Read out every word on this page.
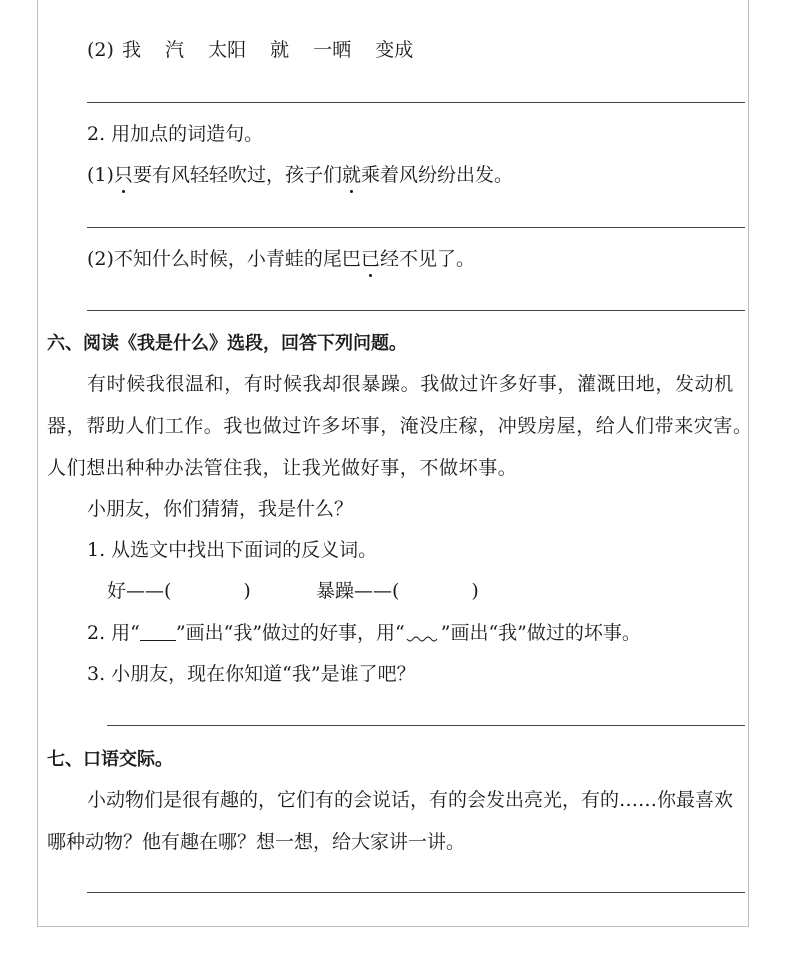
(2) 我 汽 太阳 就 一晒 变成
2. 用加点的词造句。
(1)只要有风轻轻吹过，孩子们就乘着风纷纷出发。
(2)不知什么时候，小青蛙的尾巴已经不见了。
六、阅读《我是什么》选段，回答下列问题。
有时候我很温和，有时候我却很暴躁。我做过许多好事，灌溉田地，发动机
器，帮助人们工作。我也做过许多坏事，淹没庄稼，冲毁房屋，给人们带来灾害。
人们想出种种办法管住我，让我光做好事，不做坏事。
小朋友，你们猜猜，我是什么？
1. 从选文中找出下面词的反义词。
好——(	)	暴躁——(	)
2. 用“ ”画出“我”做过的好事，用“ ”画出“我”做过的坏事。
3. 小朋友，现在你知道“我”是谁了吧？
七、口语交际。
小动物们是很有趣的，它们有的会说话，有的会发出亮光，有的……你最喜欢
哪种动物？他有趣在哪？想一想，给大家讲一讲。
